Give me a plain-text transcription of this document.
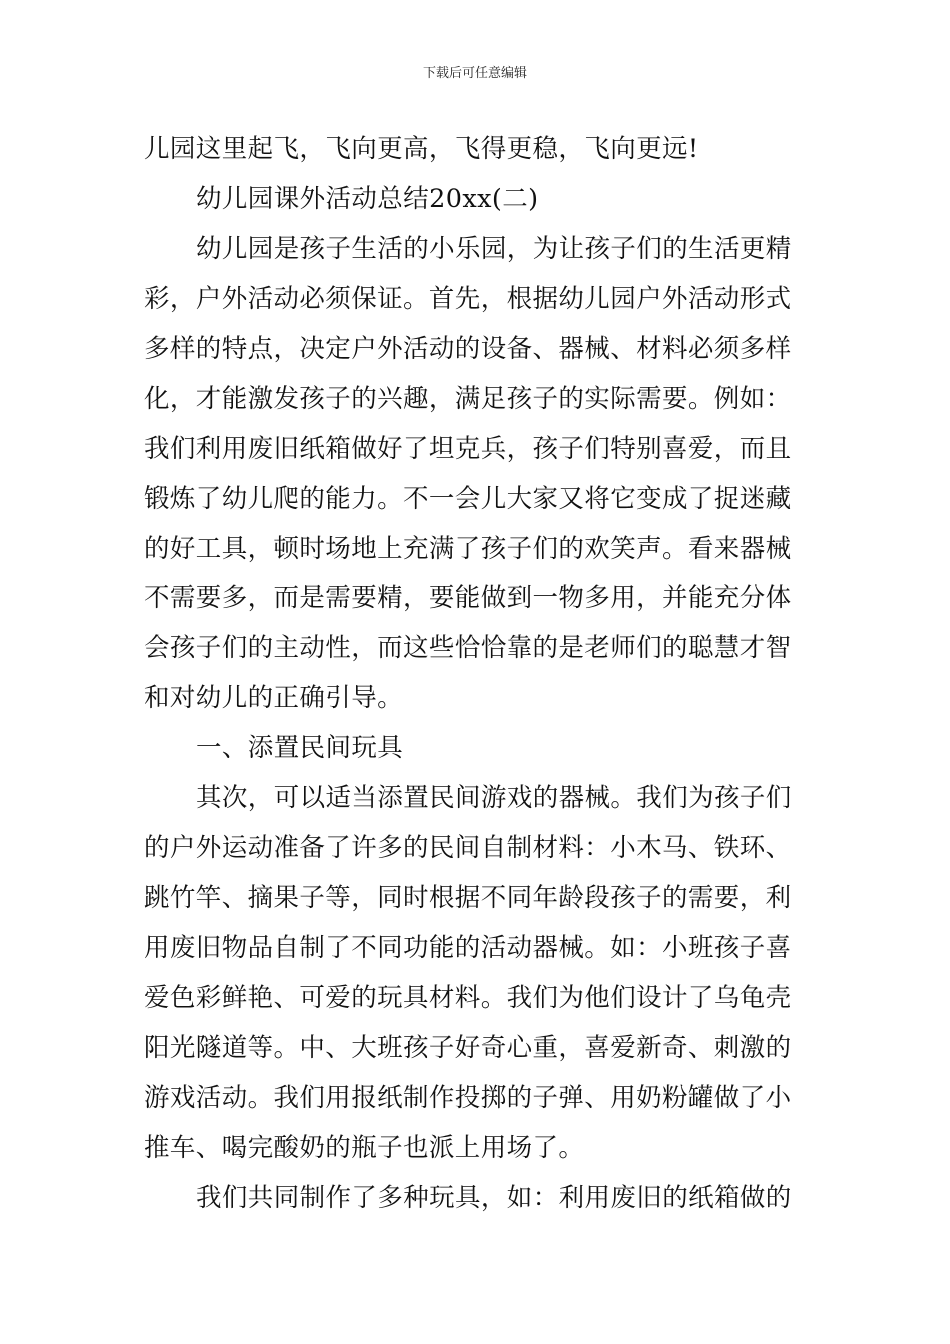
下载后可任意编辑
儿园这里起飞，飞向更高，飞得更稳，飞向更远!
幼儿园课外活动总结20xx(二)
幼儿园是孩子生活的小乐园，为让孩子们的生活更精
彩，户外活动必须保证。首先，根据幼儿园户外活动形式
多样的特点，决定户外活动的设备、器械、材料必须多样
化，才能激发孩子的兴趣，满足孩子的实际需要。例如：
我们利用废旧纸箱做好了坦克兵，孩子们特别喜爱，而且
锻炼了幼儿爬的能力。不一会儿大家又将它变成了捉迷藏
的好工具，顿时场地上充满了孩子们的欢笑声。看来器械
不需要多，而是需要精，要能做到一物多用，并能充分体
会孩子们的主动性，而这些恰恰靠的是老师们的聪慧才智
和对幼儿的正确引导。
一、添置民间玩具
其次，可以适当添置民间游戏的器械。我们为孩子们
的户外运动准备了许多的民间自制材料：小木马、铁环、
跳竹竿、摘果子等，同时根据不同年龄段孩子的需要，利
用废旧物品自制了不同功能的活动器械。如：小班孩子喜
爱色彩鲜艳、可爱的玩具材料。我们为他们设计了乌龟壳
阳光隧道等。中、大班孩子好奇心重，喜爱新奇、刺激的
游戏活动。我们用报纸制作投掷的子弹、用奶粉罐做了小
推车、喝完酸奶的瓶子也派上用场了。
我们共同制作了多种玩具，如：利用废旧的纸箱做的
